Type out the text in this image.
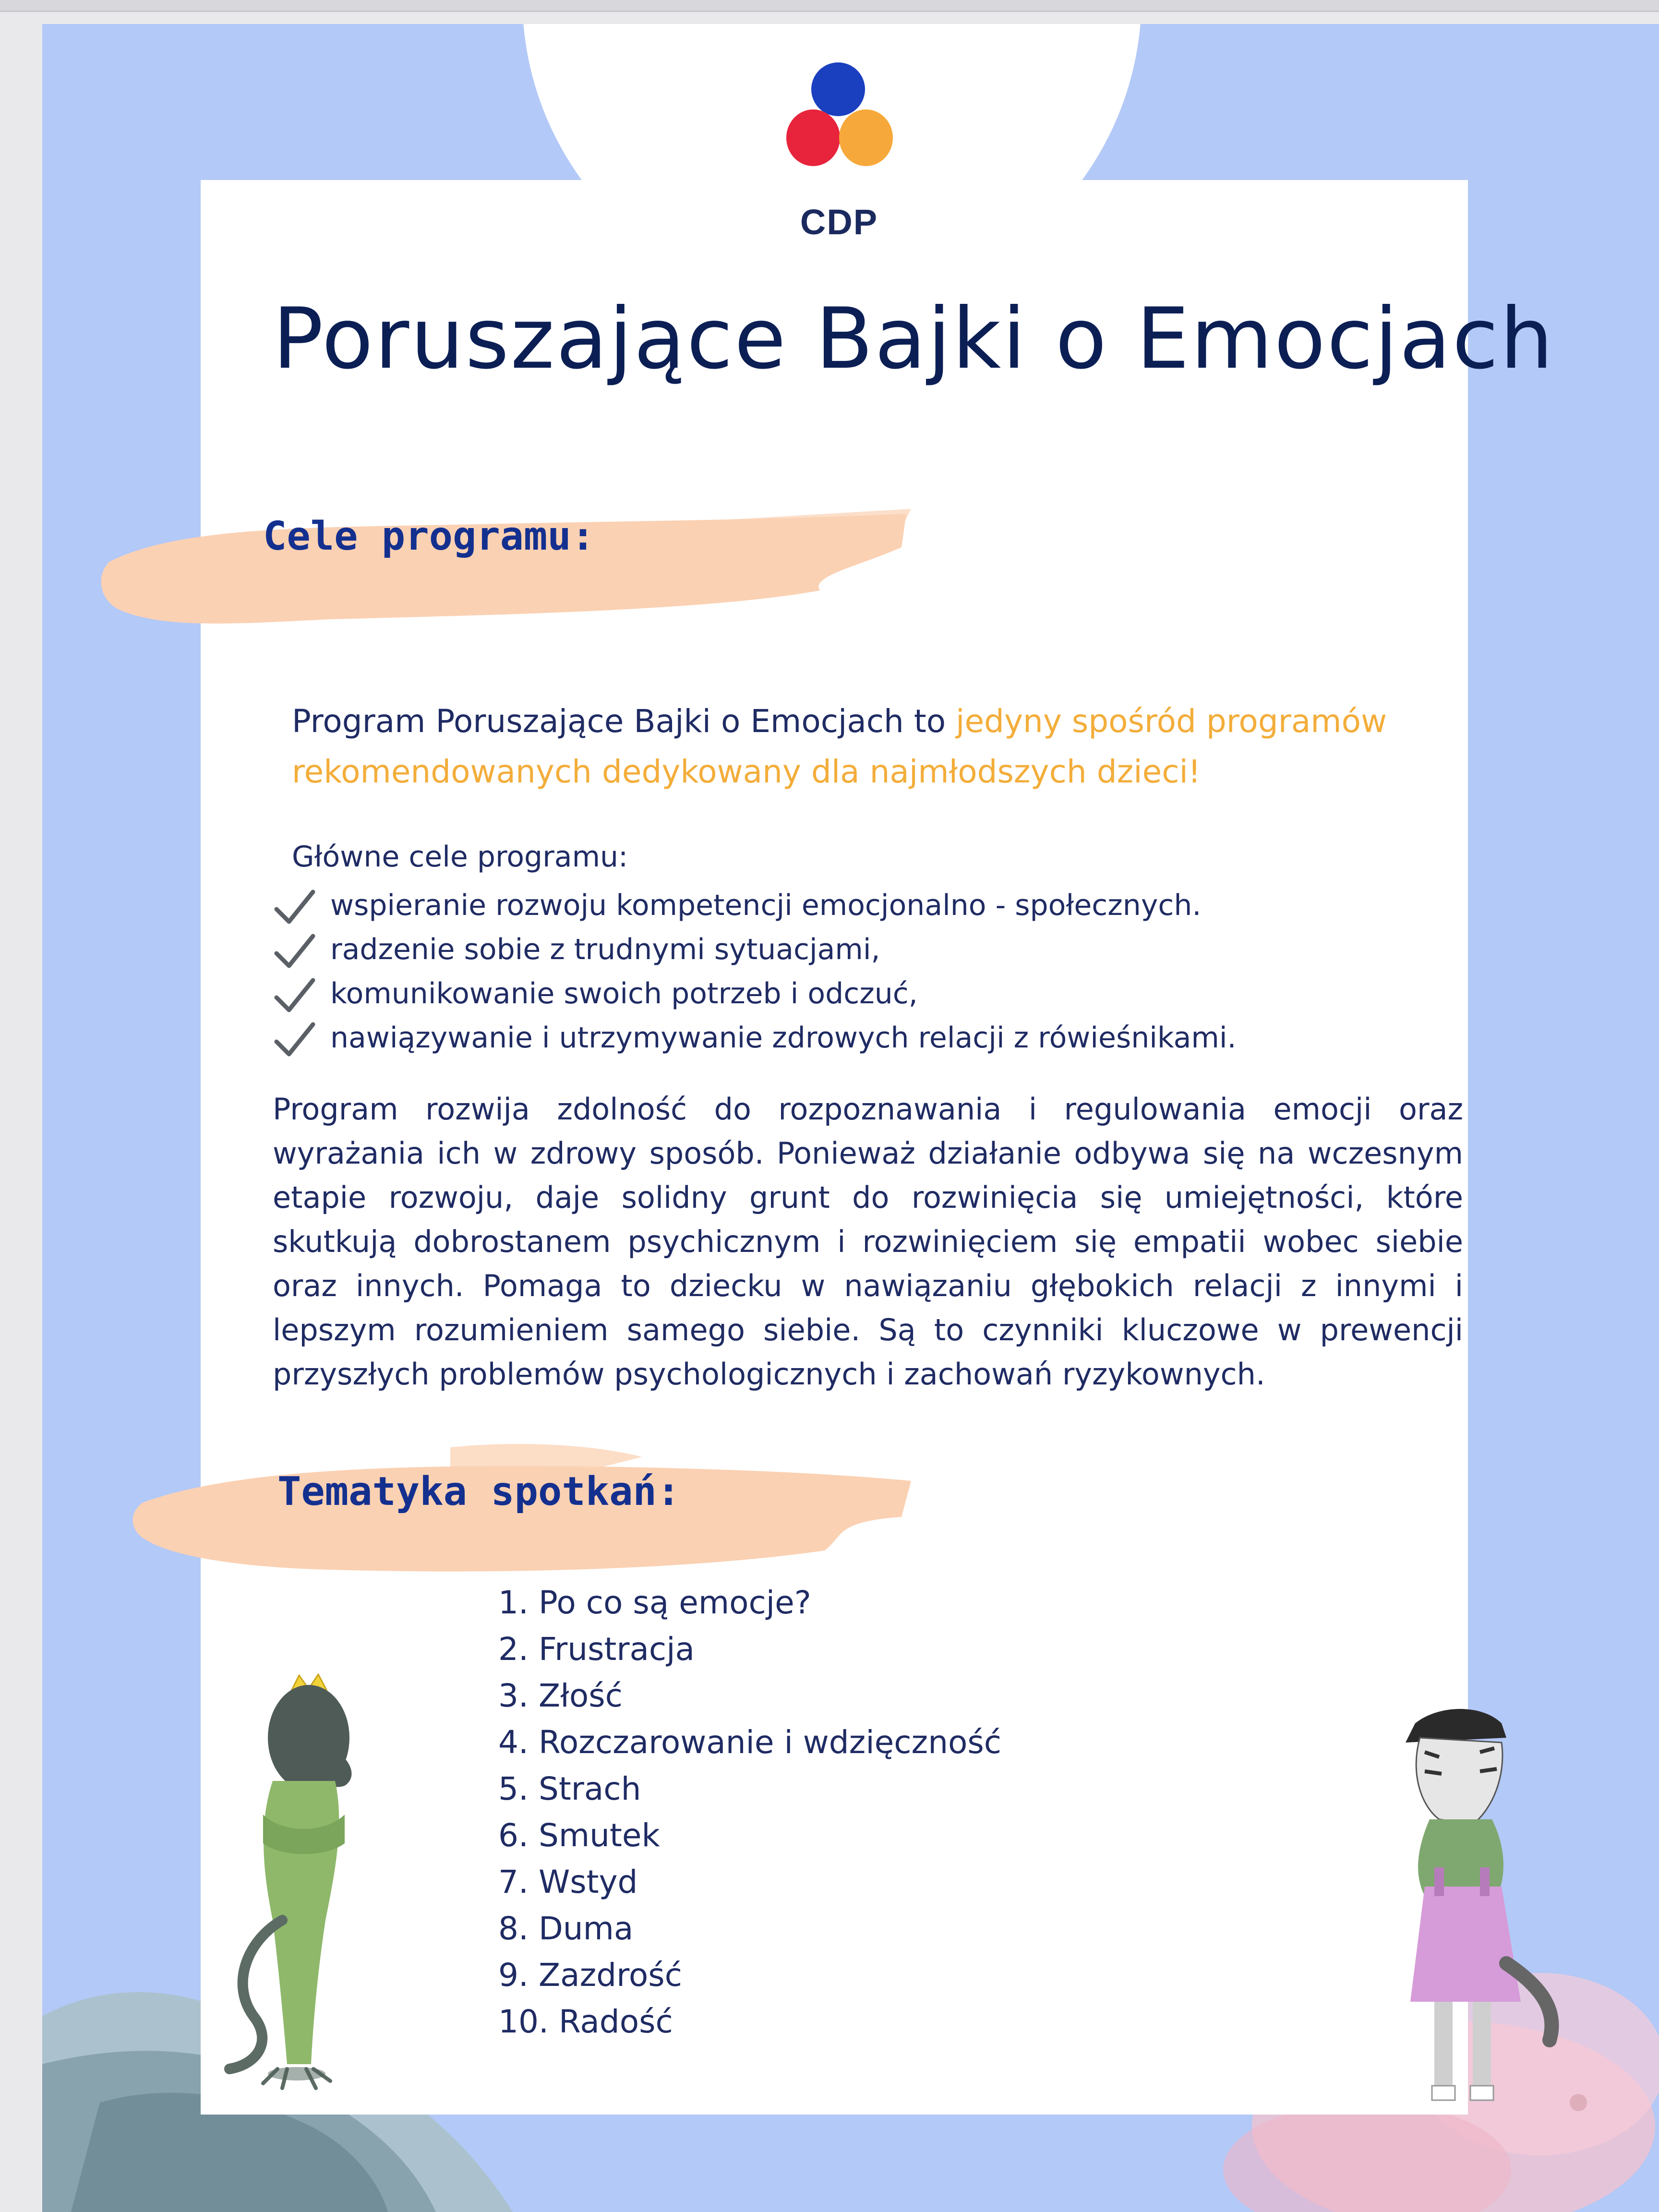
CDP
Poruszające Bajki o Emocjach
Cele programu:
Program Poruszające Bajki o Emocjach to jedyny spośród programów rekomendowanych dedykowany dla najmłodszych dzieci!
Główne cele programu:
wspieranie rozwoju kompetencji emocjonalno - społecznych.
radzenie sobie z trudnymi sytuacjami,
komunikowanie swoich potrzeb i odczuć,
nawiązywanie i utrzymywanie zdrowych relacji z rówieśnikami.
Program rozwija zdolność do rozpoznawania i regulowania emocji oraz wyrażania ich w zdrowy sposób. Ponieważ działanie odbywa się na wczesnym etapie rozwoju, daje solidny grunt do rozwinięcia się umiejętności, które skutkują dobrostanem psychicznym i rozwinięciem się empatii wobec siebie oraz innych. Pomaga to dziecku w nawiązaniu głębokich relacji z innymi i lepszym rozumieniem samego siebie. Są to czynniki kluczowe w prewencji przyszłych problemów psychologicznych i zachowań ryzykownych.
Tematyka spotkań:
1. Po co są emocje?
2. Frustracja
3. Złość
4. Rozczarowanie i wdzięczność
5. Strach
6. Smutek
7. Wstyd
8. Duma
9. Zazdrość
10. Radość
